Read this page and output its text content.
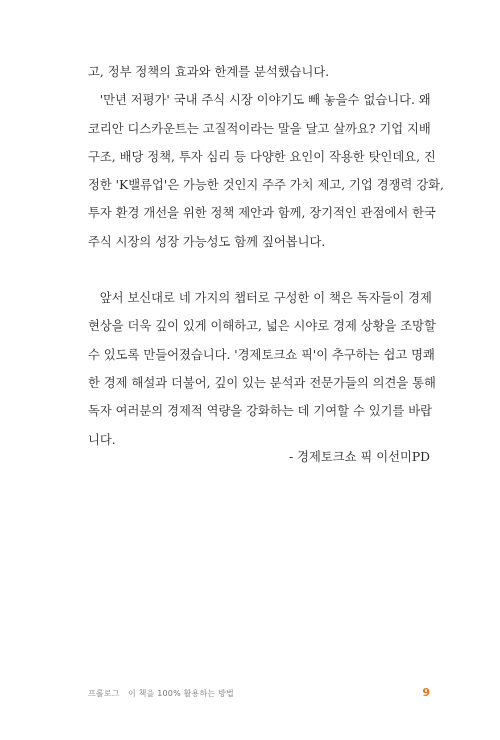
고, 정부 정책의 효과와 한계를 분석했습니다.
'만년 저평가' 국내 주식 시장 이야기도 빼 놓을수 없습니다. 왜
코리안 디스카운트는 고질적이라는 말을 달고 살까요? 기업 지배
구조, 배당 정책, 투자 심리 등 다양한 요인이 작용한 탓인데요, 진
정한 'K밸류업'은 가능한 것인지 주주 가치 제고, 기업 경쟁력 강화,
투자 환경 개선을 위한 정책 제안과 함께, 장기적인 관점에서 한국
주식 시장의 성장 가능성도 함께 짚어봅니다.
앞서 보신대로 네 가지의 챕터로 구성한 이 책은 독자들이 경제
현상을 더욱 깊이 있게 이해하고, 넓은 시야로 경제 상황을 조망할
수 있도록 만들어졌습니다. '경제토크쇼 픽'이 추구하는 쉽고 명쾌
한 경제 해설과 더불어, 깊이 있는 분석과 전문가들의 의견을 통해
독자 여러분의 경제적 역량을 강화하는 데 기여할 수 있기를 바랍
니다.
- 경제토크쇼 픽 이선미PD
프롤로그   이 책을 100% 활용하는 방법	9
